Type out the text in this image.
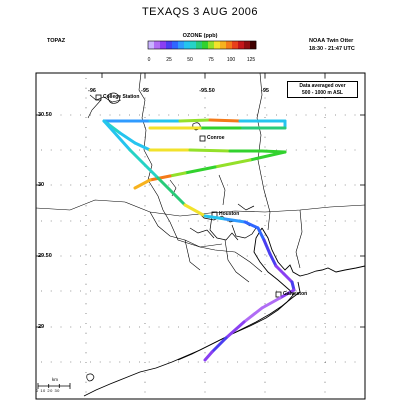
TEXAQS 3 AUG 2006
TOPAZ	NOAA Twin Otter
18:30 - 21:47 UTC
OZONE (ppb)
0	25	50	75	100 125
Data averaged over
500 - 1000 m ASL
-96	-95	-95.50	-95
30.50
30
29.50
29
College Station
Conroe
Houston
Galveston
km
0 10 20 30
